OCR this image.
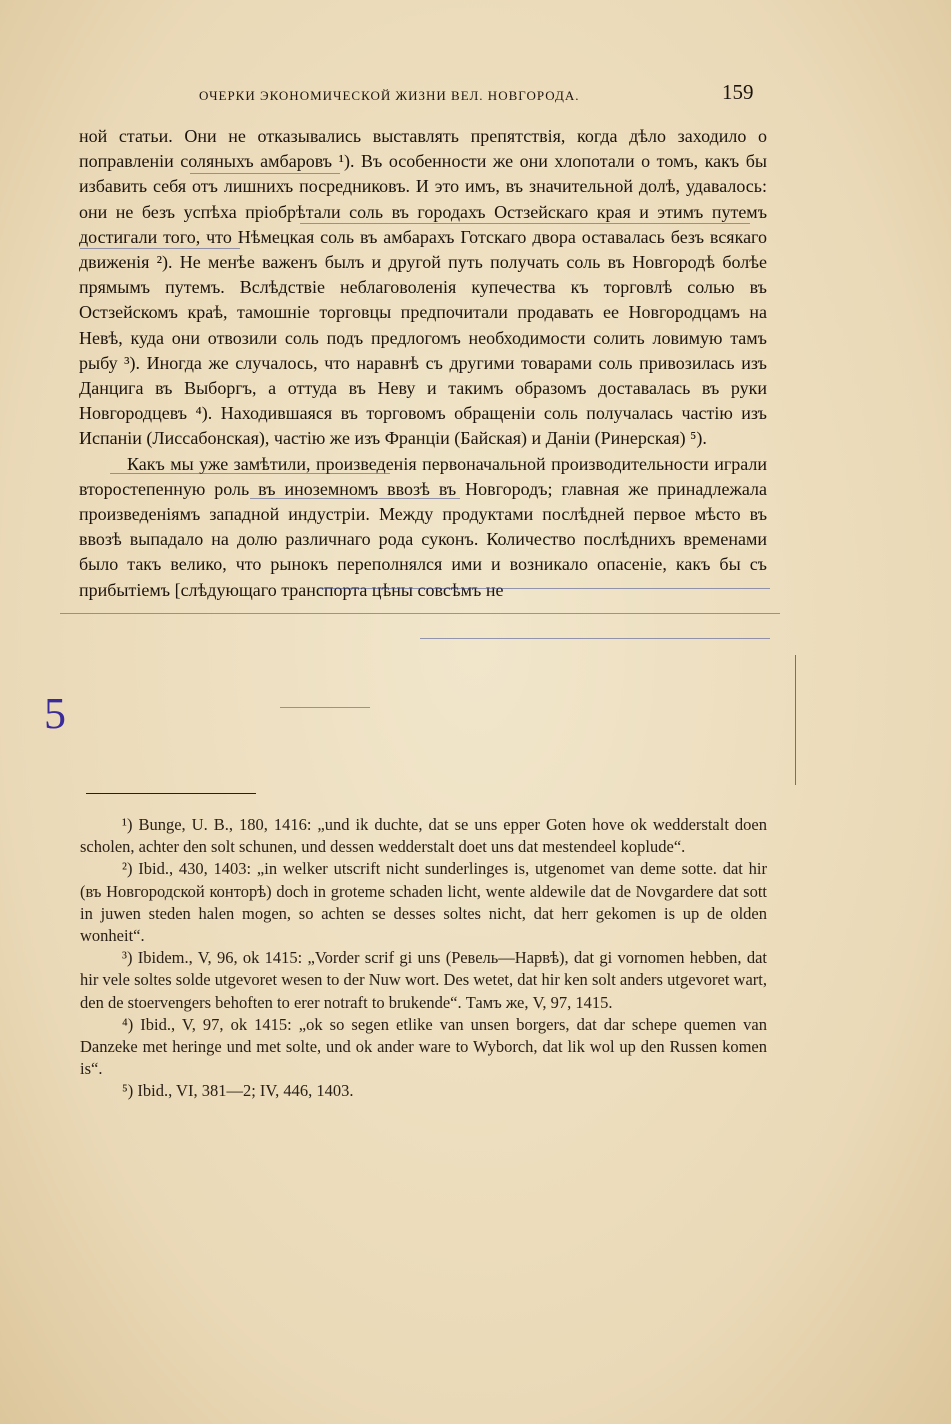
ОЧЕРКИ ЭКОНОМИЧЕСКОЙ ЖИЗНИ ВЕЛ. НОВГОРОДА.	159

ной статьи. Они не отказывались выставлять препятствія, когда дѣло заходило о поправленіи соляныхъ амбаровъ ¹). Въ особенности же они хлопотали о томъ, какъ бы избавить себя отъ лишнихъ посредниковъ. И это имъ, въ значительной долѣ, удавалось: они не безъ успѣха пріобрѣтали соль въ городахъ Остзейскаго края и этимъ путемъ достигали того, что Нѣмецкая соль въ амбарахъ Готскаго двора оставалась безъ всякаго движенія ²). Не менѣе важенъ былъ и другой путь получать соль въ Новгородѣ болѣе прямымъ путемъ. Вслѣдствіе неблаговоленія купечества къ торговлѣ солью въ Остзейскомъ краѣ, тамошніе торговцы предпочитали продавать ее Новгородцамъ на Невѣ, куда они отвозили соль подъ предлогомъ необходимости солить ловимую тамъ рыбу ³). Иногда же случалось, что наравнѣ съ другими товарами соль привозилась изъ Данцига въ Выборгъ, а оттуда въ Неву и такимъ образомъ доставалась въ руки Новгородцевъ ⁴). Находившаяся въ торговомъ обращеніи соль получалась частію изъ Испаніи (Лиссабонская), частію же изъ Франціи (Байская) и Даніи (Ринерская) ⁵).

Какъ мы уже замѣтили, произведенія первоначальной производительности играли второстепенную роль въ иноземномъ ввозѣ въ Новгородъ; главная же принадлежала произведеніямъ западной индустріи. Между продуктами послѣдней первое мѣсто въ ввозѣ выпадало на долю различнаго рода суконъ. Количество послѣднихъ временами было такъ велико, что рынокъ переполнялся ими и возникало опасеніе, какъ бы съ прибытіемъ [слѣдующаго транспорта цѣны совсѣмъ не

5

¹) Bunge, U. B., 180, 1416: „und ik duchte, dat se uns epper Goten hove ok wedderstalt doen scholen, achter den solt schunen, und dessen wedderstalt doet uns dat mestendeel koplude“.

²) Ibid., 430, 1403: „in welker utscrift nicht sunderlinges is, utgenomet van deme sotte. dat hir (въ Новгородской конторѣ) doch in groteme schaden licht, wente aldewile dat de Novgardere dat sott in juwen steden halen mogen, so achten se desses soltes nicht, dat herr gekomen is up de olden wonheit“.

³) Ibidem., V, 96, ok 1415: „Vorder scrif gi uns (Ревель—Нарвѣ), dat gi vornomen hebben, dat hir vele soltes solde utgevoret wesen to der Nuw wort. Des wetet, dat hir ken solt anders utgevoret wart, den de stoervengers behoften to erer notraft to brukende“. Тамъ же, V, 97, 1415.

⁴) Ibid., V, 97, ok 1415: „ok so segen etlike van unsen borgers, dat dar schepe quemen van Danzeke met heringe und met solte, und ok ander ware to Wyborch, dat lik wol up den Russen komen is“.

⁵) Ibid., VI, 381—2; IV, 446, 1403.
